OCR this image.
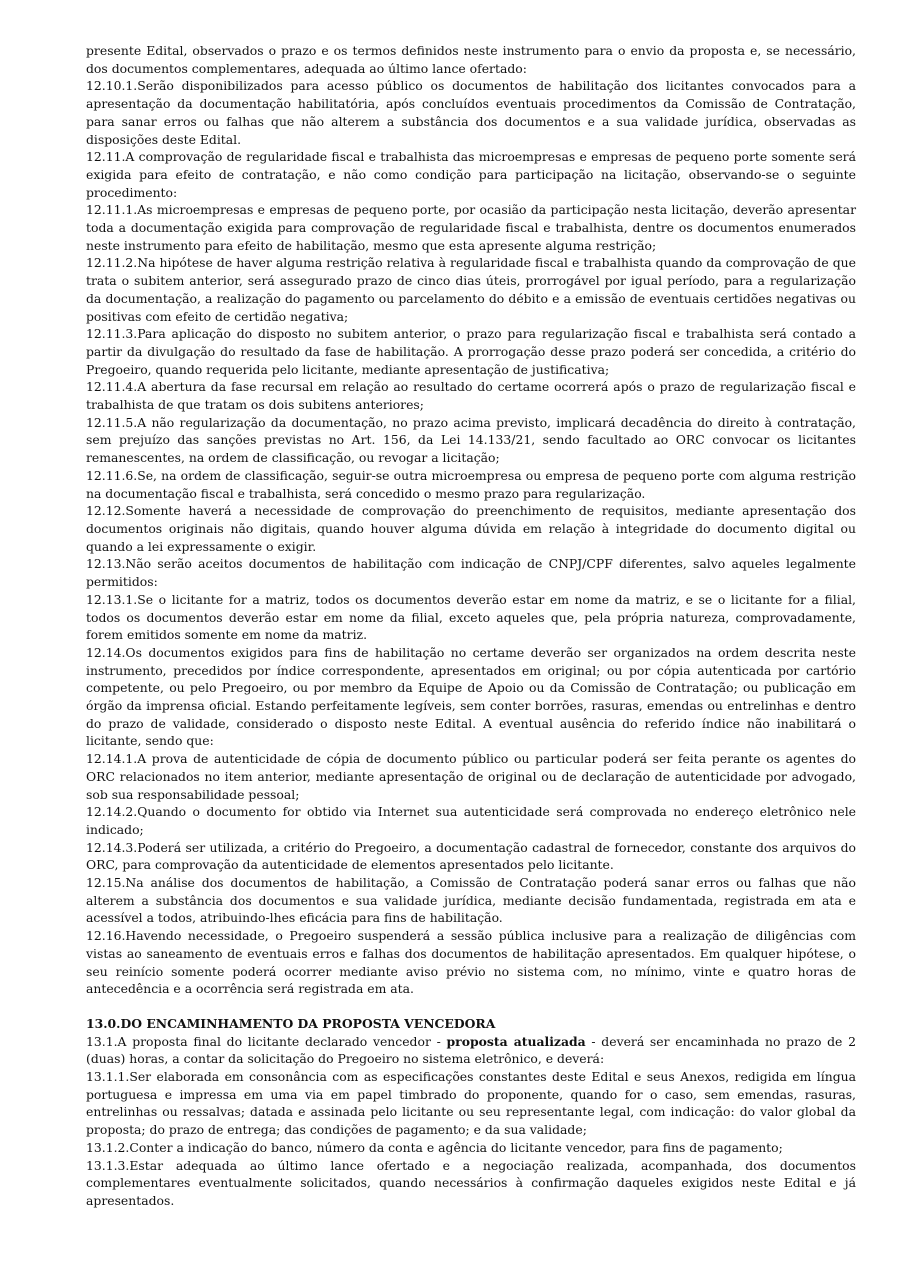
presente Edital, observados o prazo e os termos definidos neste instrumento para o envio da proposta e, se necessário, dos documentos complementares, adequada ao último lance ofertado:

12.10.1.Serão disponibilizados para acesso público os documentos de habilitação dos licitantes convocados para a apresentação da documentação habilitatória, após concluídos eventuais procedimentos da Comissão de Contratação, para sanar erros ou falhas que não alterem a substância dos documentos e a sua validade jurídica, observadas as disposições deste Edital.

12.11.A comprovação de regularidade fiscal e trabalhista das microempresas e empresas de pequeno porte somente será exigida para efeito de contratação, e não como condição para participação na licitação, observando-se o seguinte procedimento:

12.11.1.As microempresas e empresas de pequeno porte, por ocasião da participação nesta licitação, deverão apresentar toda a documentação exigida para comprovação de regularidade fiscal e trabalhista, dentre os documentos enumerados neste instrumento para efeito de habilitação, mesmo que esta apresente alguma restrição;

12.11.2.Na hipótese de haver alguma restrição relativa à regularidade fiscal e trabalhista quando da comprovação de que trata o subitem anterior, será assegurado prazo de cinco dias úteis, prorrogável por igual período, para a regularização da documentação, a realização do pagamento ou parcelamento do débito e a emissão de eventuais certidões negativas ou positivas com efeito de certidão negativa;

12.11.3.Para aplicação do disposto no subitem anterior, o prazo para regularização fiscal e trabalhista será contado a partir da divulgação do resultado da fase de habilitação. A prorrogação desse prazo poderá ser concedida, a critério do Pregoeiro, quando requerida pelo licitante, mediante apresentação de justificativa;

12.11.4.A abertura da fase recursal em relação ao resultado do certame ocorrerá após o prazo de regularização fiscal e trabalhista de que tratam os dois subitens anteriores;

12.11.5.A não regularização da documentação, no prazo acima previsto, implicará decadência do direito à contratação, sem prejuízo das sanções previstas no Art. 156, da Lei 14.133/21, sendo facultado ao ORC convocar os licitantes remanescentes, na ordem de classificação, ou revogar a licitação;

12.11.6.Se, na ordem de classificação, seguir-se outra microempresa ou empresa de pequeno porte com alguma restrição na documentação fiscal e trabalhista, será concedido o mesmo prazo para regularização.

12.12.Somente haverá a necessidade de comprovação do preenchimento de requisitos, mediante apresentação dos documentos originais não digitais, quando houver alguma dúvida em relação à integridade do documento digital ou quando a lei expressamente o exigir.

12.13.Não serão aceitos documentos de habilitação com indicação de CNPJ/CPF diferentes, salvo aqueles legalmente permitidos:

12.13.1.Se o licitante for a matriz, todos os documentos deverão estar em nome da matriz, e se o licitante for a filial, todos os documentos deverão estar em nome da filial, exceto aqueles que, pela própria natureza, comprovadamente, forem emitidos somente em nome da matriz.

12.14.Os documentos exigidos para fins de habilitação no certame deverão ser organizados na ordem descrita neste instrumento, precedidos por índice correspondente, apresentados em original; ou por cópia autenticada por cartório competente, ou pelo Pregoeiro, ou por membro da Equipe de Apoio ou da Comissão de Contratação; ou publicação em órgão da imprensa oficial. Estando perfeitamente legíveis, sem conter borrões, rasuras, emendas ou entrelinhas e dentro do prazo de validade, considerado o disposto neste Edital. A eventual ausência do referido índice não inabilitará o licitante, sendo que:

12.14.1.A prova de autenticidade de cópia de documento público ou particular poderá ser feita perante os agentes do ORC relacionados no item anterior, mediante apresentação de original ou de declaração de autenticidade por advogado, sob sua responsabilidade pessoal;

12.14.2.Quando o documento for obtido via Internet sua autenticidade será comprovada no endereço eletrônico nele indicado;

12.14.3.Poderá ser utilizada, a critério do Pregoeiro, a documentação cadastral de fornecedor, constante dos arquivos do ORC, para comprovação da autenticidade de elementos apresentados pelo licitante.

12.15.Na análise dos documentos de habilitação, a Comissão de Contratação poderá sanar erros ou falhas que não alterem a substância dos documentos e sua validade jurídica, mediante decisão fundamentada, registrada em ata e acessível a todos, atribuindo-lhes eficácia para fins de habilitação.

12.16.Havendo necessidade, o Pregoeiro suspenderá a sessão pública inclusive para a realização de diligências com vistas ao saneamento de eventuais erros e falhas dos documentos de habilitação apresentados. Em qualquer hipótese, o seu reinício somente poderá ocorrer mediante aviso prévio no sistema com, no mínimo, vinte e quatro horas de antecedência e a ocorrência será registrada em ata.

13.0.DO ENCAMINHAMENTO DA PROPOSTA VENCEDORA

13.1.A proposta final do licitante declarado vencedor - proposta atualizada - deverá ser encaminhada no prazo de 2 (duas) horas, a contar da solicitação do Pregoeiro no sistema eletrônico, e deverá:

13.1.1.Ser elaborada em consonância com as especificações constantes deste Edital e seus Anexos, redigida em língua portuguesa e impressa em uma via em papel timbrado do proponente, quando for o caso, sem emendas, rasuras, entrelinhas ou ressalvas; datada e assinada pelo licitante ou seu representante legal, com indicação: do valor global da proposta; do prazo de entrega; das condições de pagamento; e da sua validade;

13.1.2.Conter a indicação do banco, número da conta e agência do licitante vencedor, para fins de pagamento;

13.1.3.Estar adequada ao último lance ofertado e a negociação realizada, acompanhada, dos documentos complementares eventualmente solicitados, quando necessários à confirmação daqueles exigidos neste Edital e já apresentados.
